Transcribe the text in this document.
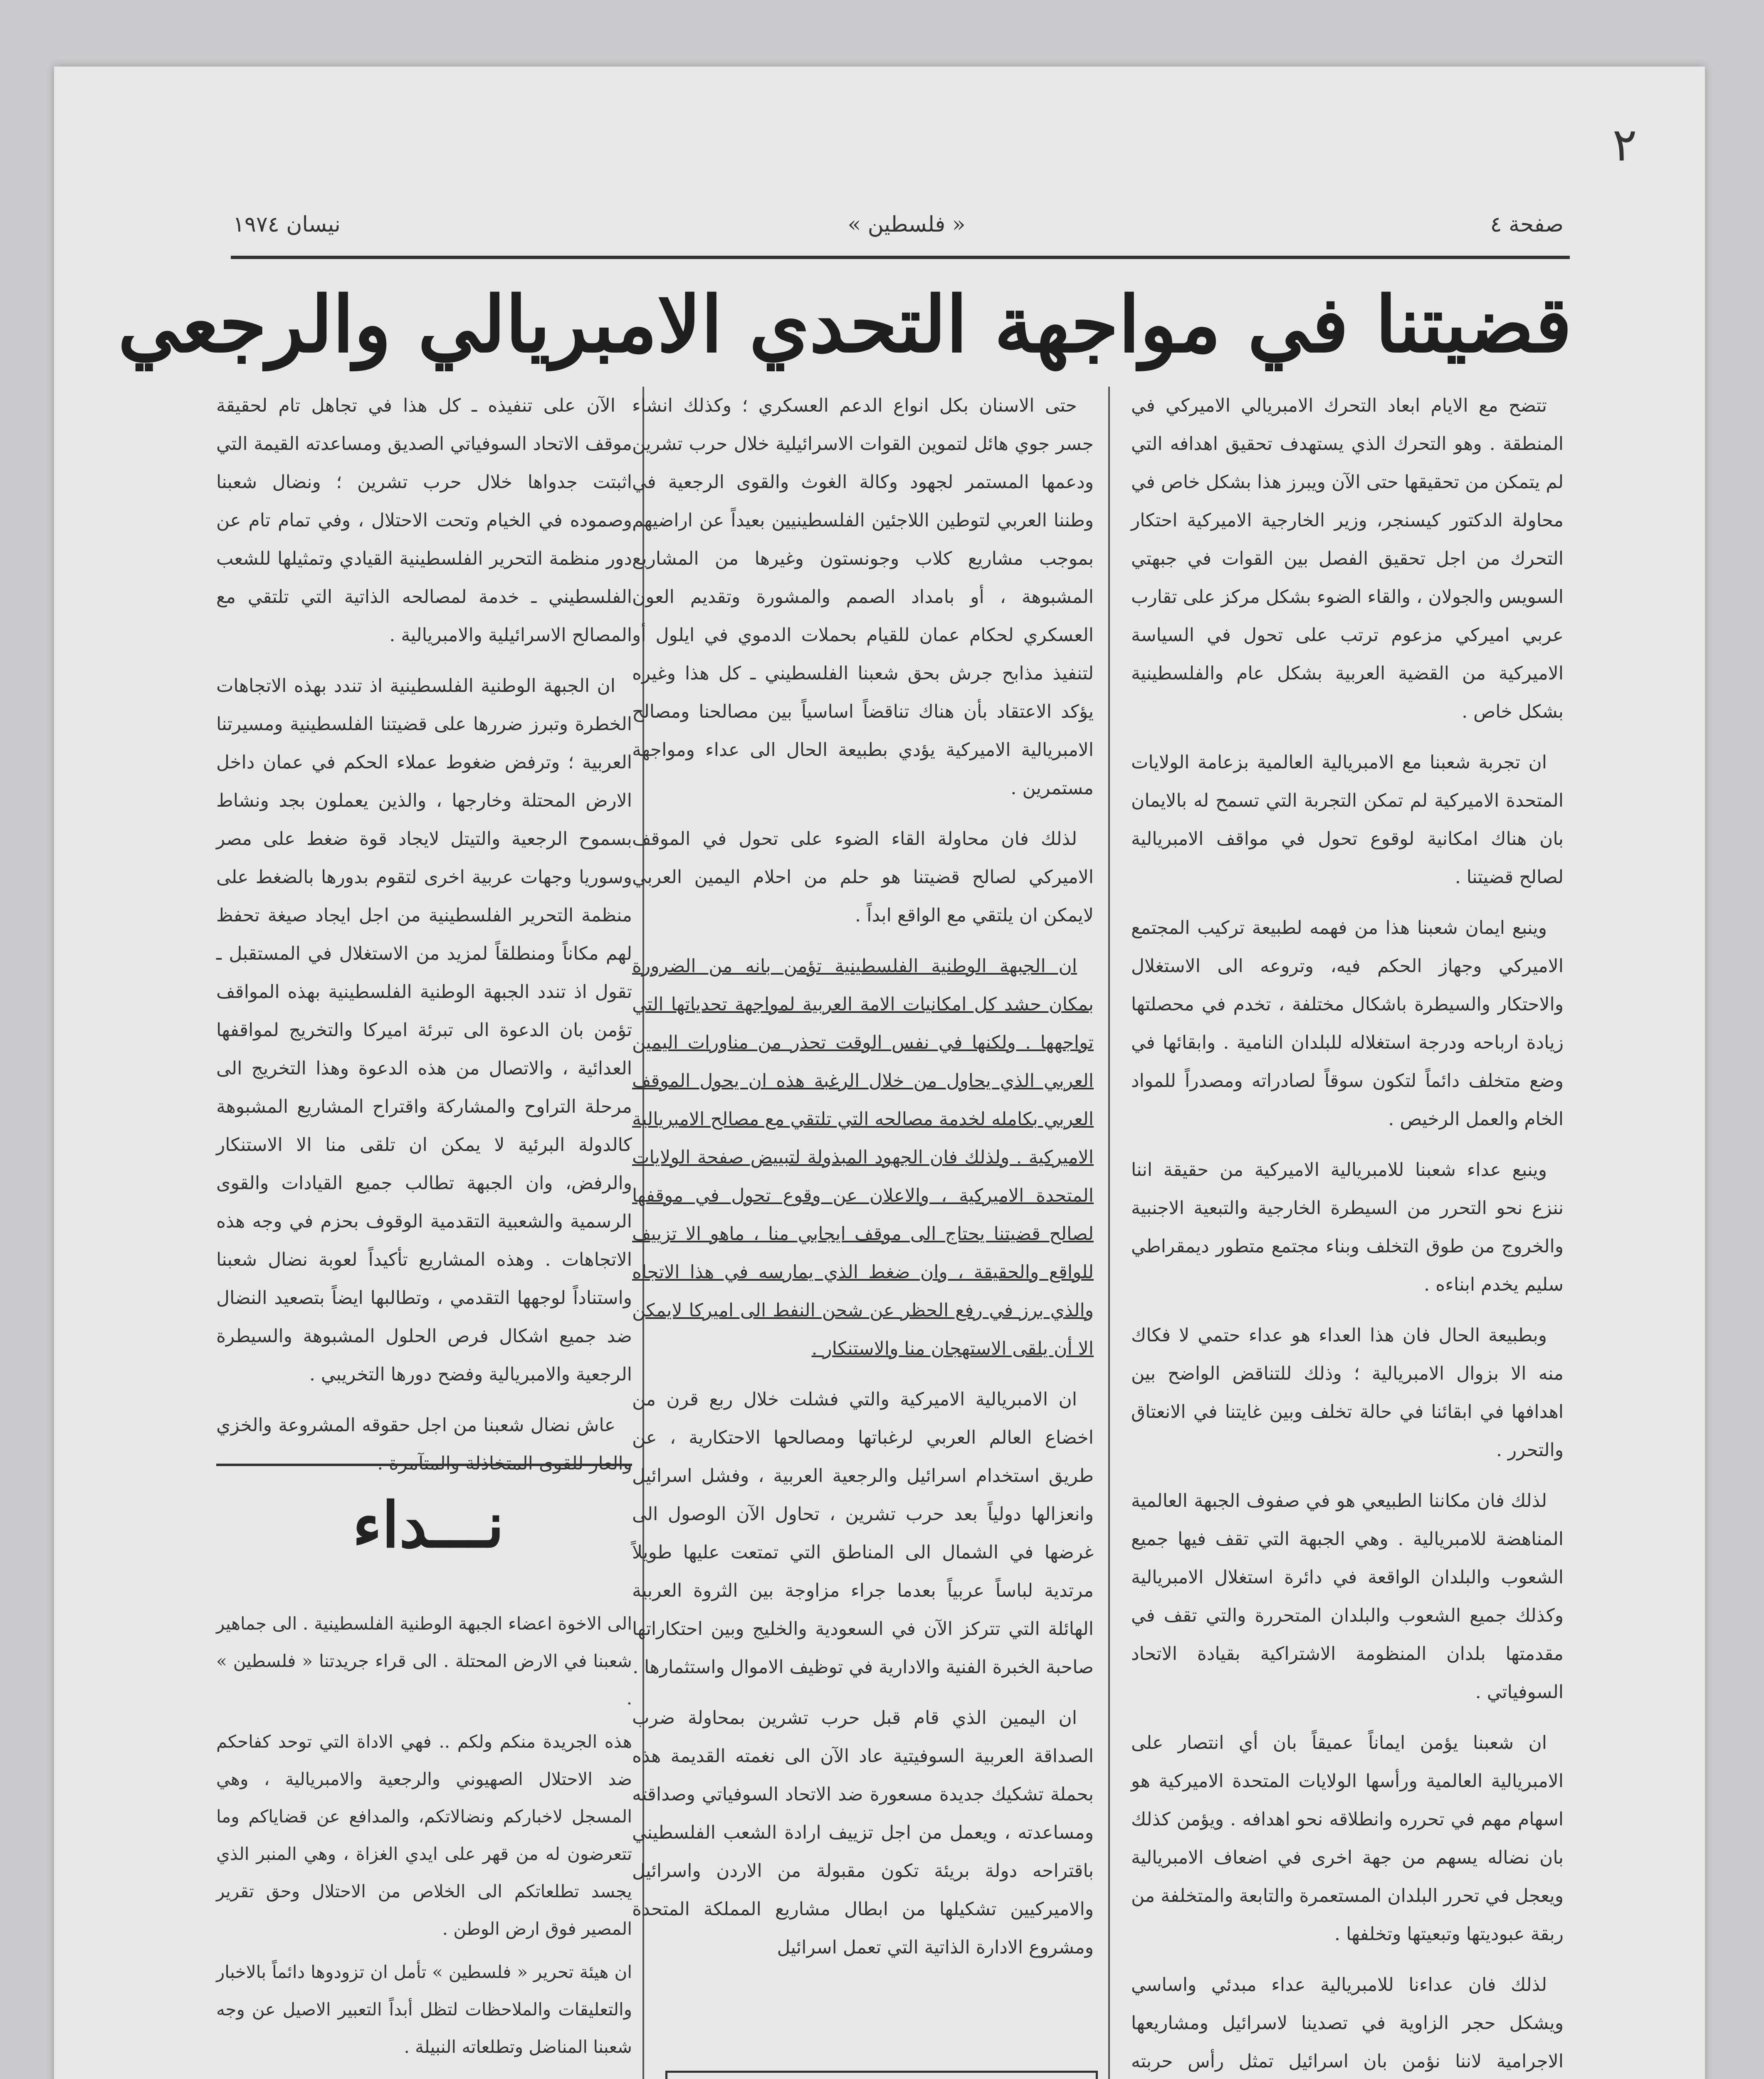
٢
نيسان ١٩٧٤	« فلسطين »	صفحة ٤
قضيتنا في مواجهة التحدي الامبريالي والرجعي

تتضح مع الايام ابعاد التحرك الامبريالي الاميركي في المنطقة . وهو التحرك الذي يستهدف تحقيق اهدافه التي لم يتمكن من تحقيقها حتى الآن ويبرز هذا بشكل خاص في محاولة الدكتور كيسنجر، وزير الخارجية الاميركية احتكار التحرك من اجل تحقيق الفصل بين القوات في جبهتي السويس والجولان ، والقاء الضوء بشكل مركز على تقارب عربي اميركي مزعوم ترتب على تحول في السياسة الاميركية من القضية العربية بشكل عام والفلسطينية بشكل خاص .

ان تجربة شعبنا مع الامبريالية العالمية بزعامة الولايات المتحدة الاميركية لم تمكن التجربة التي تسمح له بالايمان بان هناك امكانية لوقوع تحول في مواقف الامبريالية لصالح قضيتنا .

وينبع ايمان شعبنا هذا من فهمه لطبيعة تركيب المجتمع الاميركي وجهاز الحكم فيه، وتروعه الى الاستغلال والاحتكار والسيطرة باشكال مختلفة ، تخدم في محصلتها زيادة ارباحه ودرجة استغلاله للبلدان النامية . وابقائها في وضع متخلف دائماً لتكون سوقاً لصادراته ومصدراً للمواد الخام والعمل الرخيص .

وينبع عداء شعبنا للامبريالية الاميركية من حقيقة اننا ننزع نحو التحرر من السيطرة الخارجية والتبعية الاجنبية والخروج من طوق التخلف وبناء مجتمع متطور ديمقراطي سليم يخدم ابناءه .

وبطبيعة الحال فان هذا العداء هو عداء حتمي لا فكاك منه الا بزوال الامبريالية ؛ وذلك للتناقض الواضح بين اهدافها في ابقائنا في حالة تخلف وبين غايتنا في الانعتاق والتحرر .

لذلك فان مكاننا الطبيعي هو في صفوف الجبهة العالمية المناهضة للامبريالية . وهي الجبهة التي تقف فيها جميع الشعوب والبلدان الواقعة في دائرة استغلال الامبريالية وكذلك جميع الشعوب والبلدان المتحررة والتي تقف في مقدمتها بلدان المنظومة الاشتراكية بقيادة الاتحاد السوفياتي .

ان شعبنا يؤمن ايماناً عميقاً بان أي انتصار على الامبريالية العالمية ورأسها الولايات المتحدة الاميركية هو اسهام مهم في تحرره وانطلاقه نحو اهدافه . ويؤمن كذلك بان نضاله يسهم من جهة اخرى في اضعاف الامبريالية ويعجل في تحرر البلدان المستعمرة والتابعة والمتخلفة من ربقة عبوديتها وتبعيتها وتخلفها .

لذلك فان عداءنا للامبريالية عداء مبدئي واساسي ويشكل حجر الزاوية في تصدينا لاسرائيل ومشاريعها الاجرامية لاننا نؤمن بان اسرائيل تمثل رأس حربته

حتى الاسنان بكل انواع الدعم العسكري ؛ وكذلك انشاء جسر جوي هائل لتموين القوات الاسرائيلية خلال حرب تشرين ودعمها المستمر لجهود وكالة الغوث والقوى الرجعية في وطننا العربي لتوطين اللاجئين الفلسطينيين بعيداً عن اراضيهم بموجب مشاريع كلاب وجونستون وغيرها من المشاريع المشبوهة ، أو بامداد الصمم والمشورة وتقديم العون العسكري لحكام عمان للقيام بحملات الدموي في ايلول أو لتنفيذ مذابح جرش بحق شعبنا الفلسطيني ـ كل هذا وغيره يؤكد الاعتقاد بأن هناك تناقضاً اساسياً بين مصالحنا ومصالح الامبريالية الاميركية يؤدي بطبيعة الحال الى عداء ومواجهة مستمرين .

لذلك فان محاولة القاء الضوء على تحول في الموقف الاميركي لصالح قضيتنا هو حلم من احلام اليمين العربي لايمكن ان يلتقي مع الواقع ابداً .

ان الجبهة الوطنية الفلسطينية تؤمن بانه من الضرورة بمكان حشد كل امكانيات الامة العربية لمواجهة تحدياتها التي تواجهها . ولكنها في نفس الوقت تحذر من مناورات اليمين العربي الذي يحاول من خلال الرغبة هذه ان يحول الموقف العربي بكامله لخدمة مصالحه التي تلتقي مع مصالح الامبريالية الاميركية . ولذلك فان الجهود المبذولة لتبييض صفحة الولايات المتحدة الاميركية ، والاعلان عن وقوع تحول في موقفها لصالح قضيتنا يحتاج الى موقف ايجابي منا ، ماهو الا تزييف للواقع والحقيقة ، وان ضغط الذي يمارسه في هذا الاتجاه والذي برز في رفع الحظر عن شحن النفط الى اميركا لايمكن الا أن يلقى الاستهجان منا والاستنكار .

ان الامبريالية الاميركية والتي فشلت خلال ربع قرن من اخضاع العالم العربي لرغباتها ومصالحها الاحتكارية ، عن طريق استخدام اسرائيل والرجعية العربية ، وفشل اسرائيل وانعزالها دولياً بعد حرب تشرين ، تحاول الآن الوصول الى غرضها في الشمال الى المناطق التي تمتعت عليها طويلاً مرتدية لباساً عربياً بعدما جراء مزاوجة بين الثروة العربية الهائلة التي تتركز الآن في السعودية والخليج وبين احتكاراتها صاحبة الخبرة الفنية والادارية في توظيف الاموال واستثمارها .

ان اليمين الذي قام قبل حرب تشرين بمحاولة ضرب الصداقة العربية السوفيتية عاد الآن الى نغمته القديمة هذه بحملة تشكيك جديدة مسعورة ضد الاتحاد السوفياتي وصداقته ومساعدته ، ويعمل من اجل تزييف ارادة الشعب الفلسطيني باقتراحه دولة بريئة تكون مقبولة من الاردن واسرائيل والاميركيين تشكيلها من ابطال مشاريع المملكة المتحدة ومشروع الادارة الذاتية التي تعمل اسرائيل

الآن على تنفيذه ـ كل هذا في تجاهل تام لحقيقة موقف الاتحاد السوفياتي الصديق ومساعدته القيمة التي اثبتت جدواها خلال حرب تشرين ؛ ونضال شعبنا وصموده في الخيام وتحت الاحتلال ، وفي تمام تام عن دور منظمة التحرير الفلسطينية القيادي وتمثيلها للشعب الفلسطيني ـ خدمة لمصالحه الذاتية التي تلتقي مع المصالح الاسرائيلية والامبريالية .

ان الجبهة الوطنية الفلسطينية اذ تندد بهذه الاتجاهات الخطرة وتبرز ضررها على قضيتنا الفلسطينية ومسيرتنا العربية ؛ وترفض ضغوط عملاء الحكم في عمان داخل الارض المحتلة وخارجها ، والذين يعملون بجد ونشاط بسموح الرجعية والتيتل لايجاد قوة ضغط على مصر وسوريا وجهات عربية اخرى لتقوم بدورها بالضغط على منظمة التحرير الفلسطينية من اجل ايجاد صيغة تحفظ لهم مكاناً ومنطلقاً لمزيد من الاستغلال في المستقبل ـ تقول اذ تندد الجبهة الوطنية الفلسطينية بهذه المواقف تؤمن بان الدعوة الى تبرئة اميركا والتخريج لمواقفها العدائية ، والاتصال من هذه الدعوة وهذا التخريج الى مرحلة التراوح والمشاركة واقتراح المشاريع المشبوهة كالدولة البرئية لا يمكن ان تلقى منا الا الاستنكار والرفض، وان الجبهة تطالب جميع القيادات والقوى الرسمية والشعبية التقدمية الوقوف بحزم في وجه هذه الاتجاهات . وهذه المشاريع تأكيداً لعوبة نضال شعبنا واستناداً لوجهها التقدمي ، وتطالبها ايضاً بتصعيد النضال ضد جميع اشكال فرص الحلول المشبوهة والسيطرة الرجعية والامبريالية وفضح دورها التخريبي .

عاش نضال شعبنا من اجل حقوقه المشروعة والخزي

نـــداء

الى الاخوة اعضاء الجبهة الوطنية الفلسطينية . الى جماهير شعبنا في الارض المحتلة . الى قراء جريدتنا « فلسطين » .

هذه الجريدة منكم ولكم .. فهي الاداة التي توحد كفاحكم ضد الاحتلال الصهيوني والرجعية والامبريالية ، وهي المسجل لاخباركم ونضالاتكم، والمدافع عن قضاياكم وما تتعرضون له من قهر على ايدي الغزاة ، وهي المنبر الذي يجسد تطلعاتكم الى الخلاص من الاحتلال وحق تقرير المصير فوق ارض الوطن .

ان هيئة تحرير « فلسطين » تأمل ان تزودوها دائماً بالاخبار والتعليقات والملاحظات لتظل أبداً التعبير الاصيل عن وجه شعبنا المناضل وتطلعاته النبيلة .
